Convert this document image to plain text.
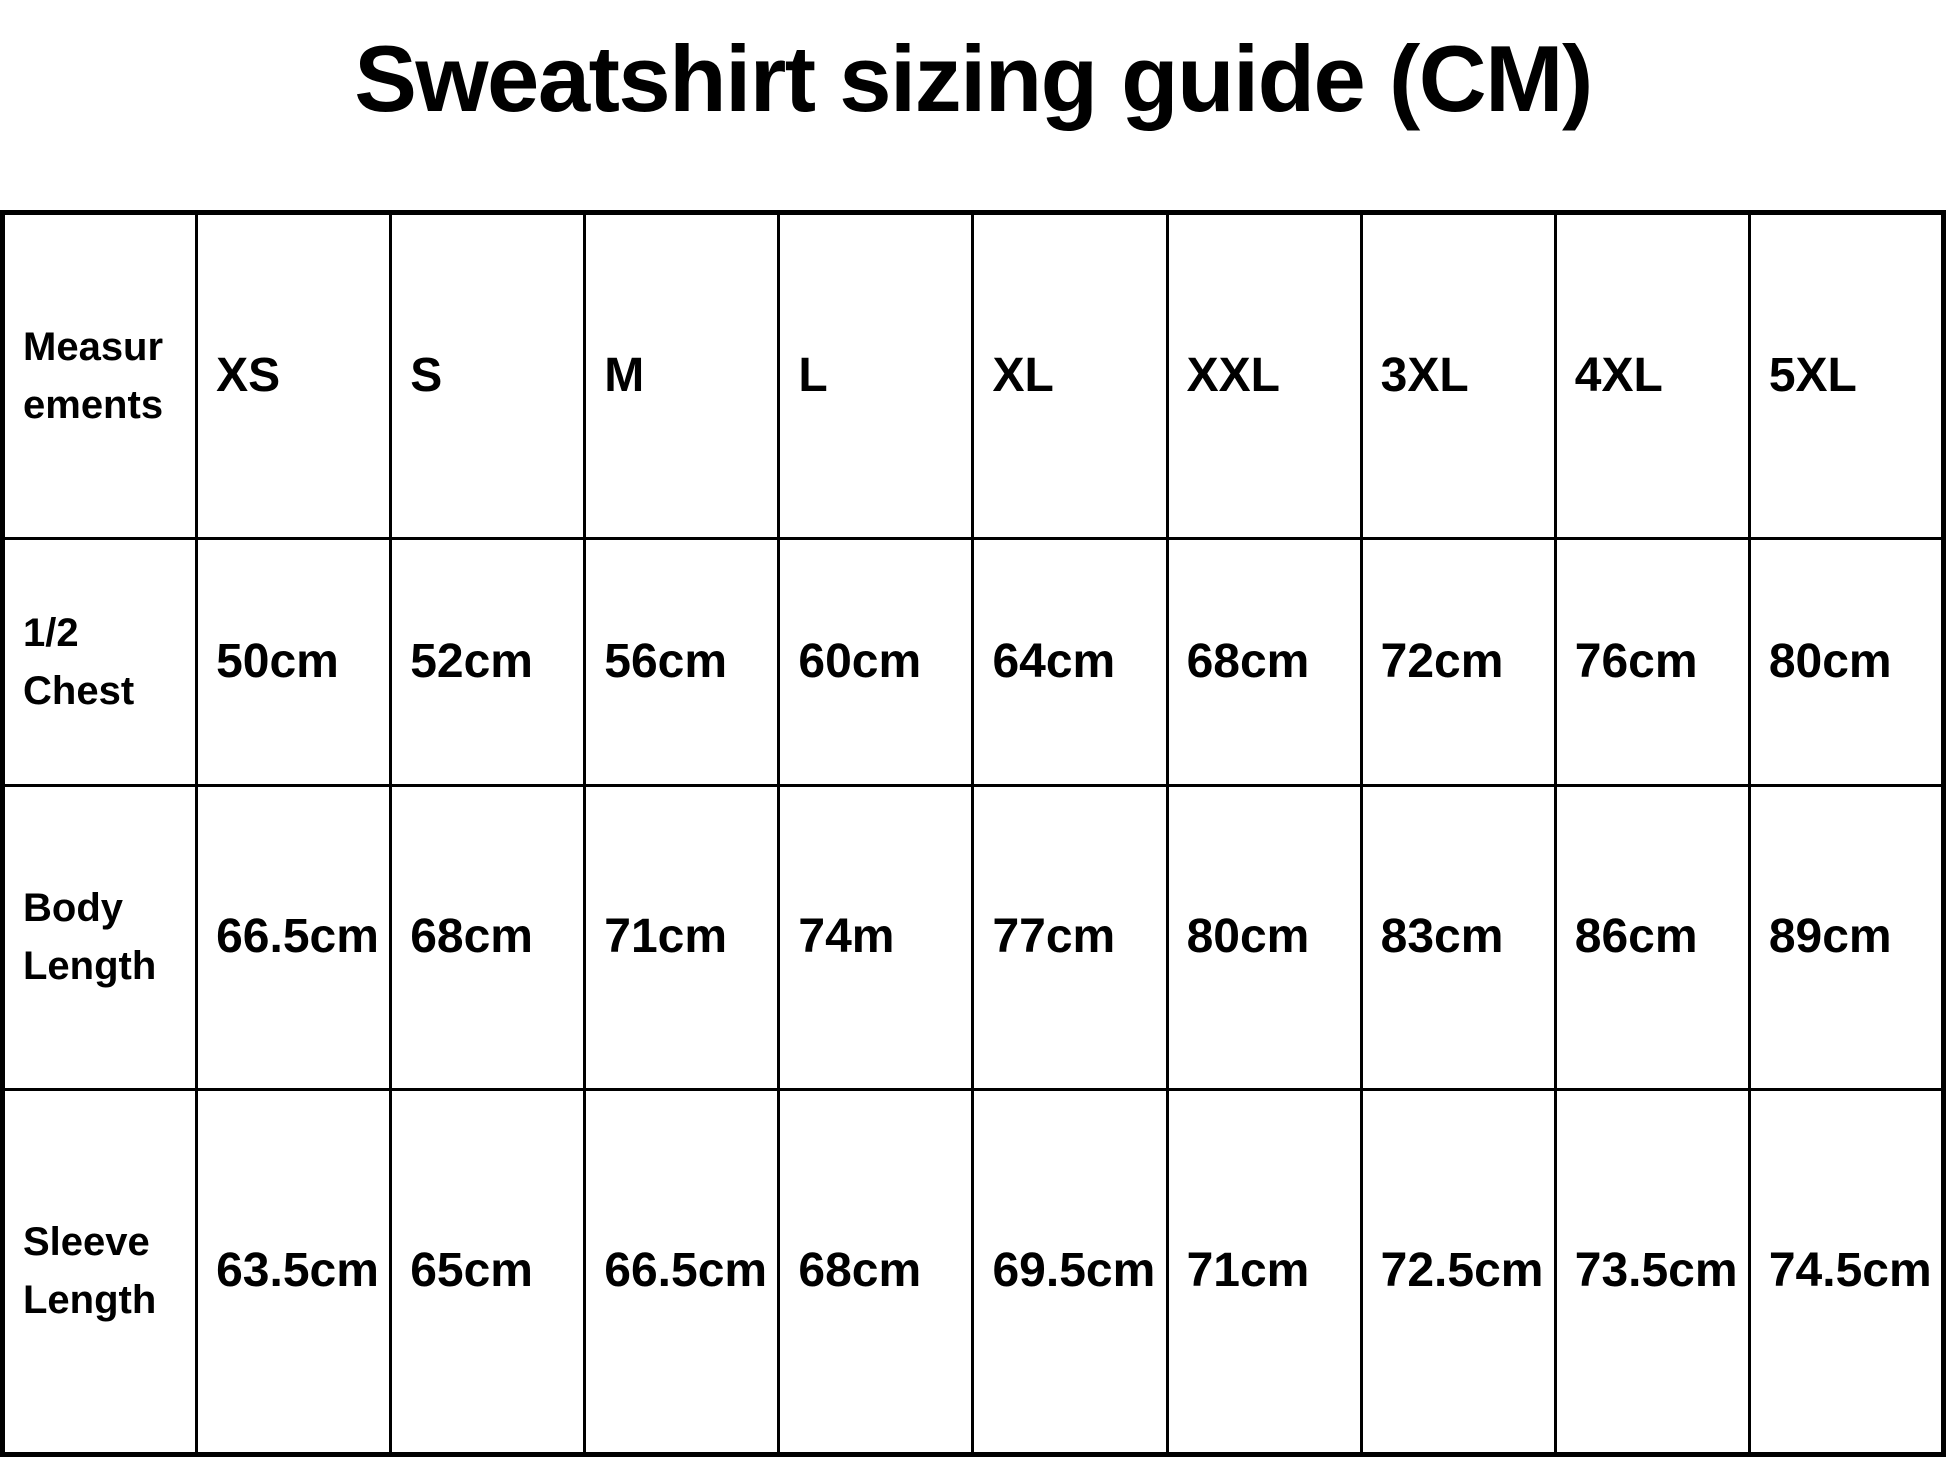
Sweatshirt sizing guide (CM)
Measurements	XS	S	M	L	XL	XXL	3XL	4XL	5XL
1/2 Chest	50cm	52cm	56cm	60cm	64cm	68cm	72cm	76cm	80cm
Body Length	66.5cm	68cm	71cm	74m	77cm	80cm	83cm	86cm	89cm
Sleeve Length	63.5cm	65cm	66.5cm	68cm	69.5cm	71cm	72.5cm	73.5cm	74.5cm
